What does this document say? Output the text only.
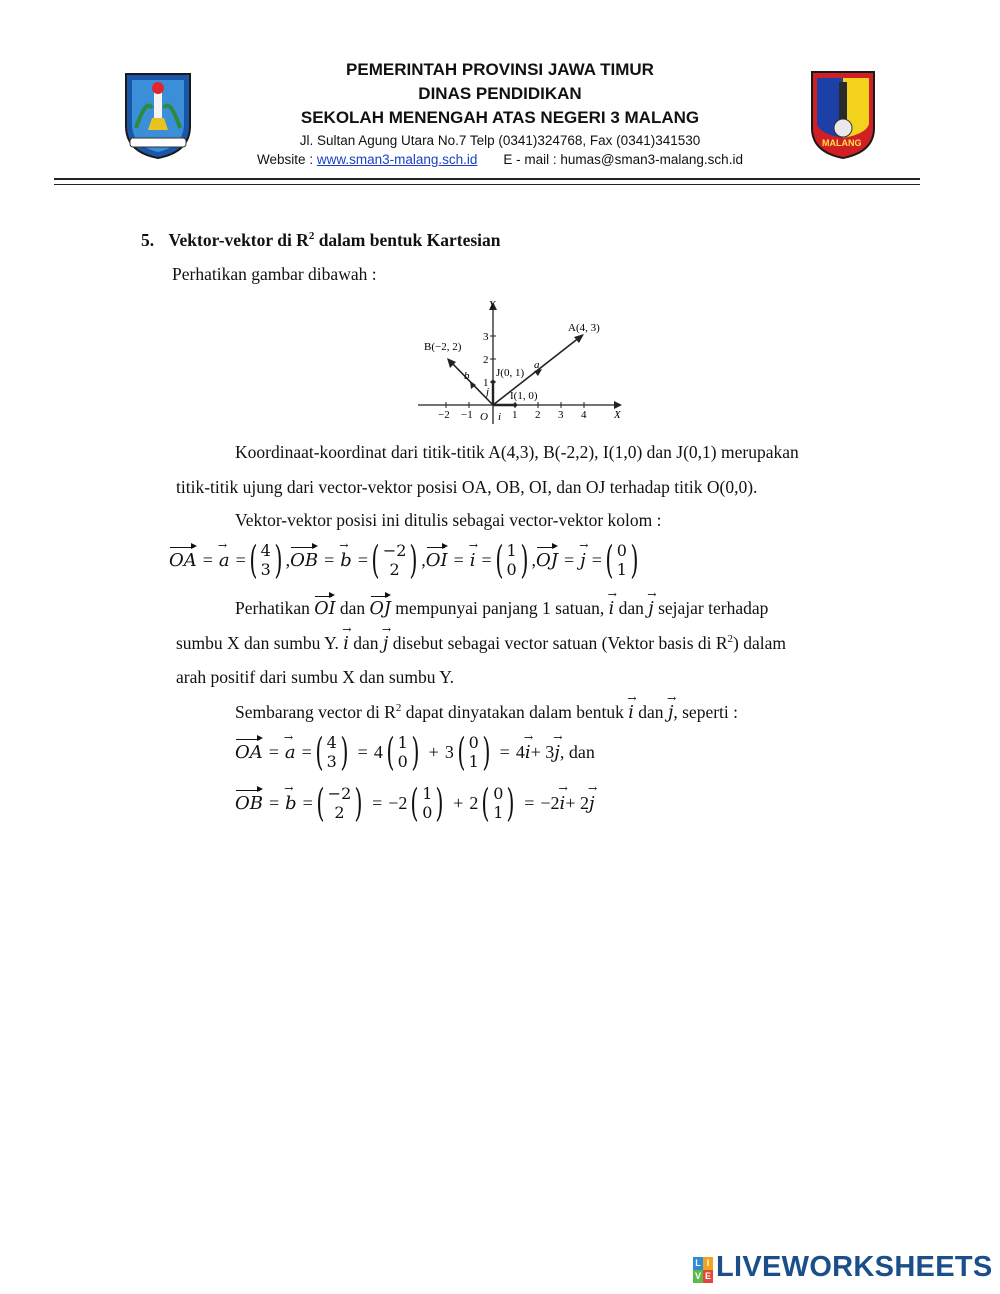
MALANG
PEMERINTAH PROVINSI JAWA TIMUR
DINAS PENDIDIKAN
SEKOLAH MENENGAH ATAS NEGERI 3 MALANG
Jl. Sultan Agung Utara No.7 Telp (0341)324768, Fax (0341)341530
Website : www.sman3-malang.sch.id E - mail : humas@sman3-malang.sch.id
5. Vektor-vektor di $R^2$ dalam bentuk Kartesian
Perhatikan gambar dibawah :
Y
X
O
A(4, 3)
B(−2, 2)
J(0, 1)
I(1, 0)
a
b
i
j
−2 −1	1 2 3 4
1
2
3
Koordinaat-koordinat dari titik-titik A(4,3), B(-2,2), I(1,0) dan J(0,1) merupakan
titik-titik ujung dari vector-vektor posisi OA, OB, OI, dan OJ terhadap titik O(0,0).
Vektor-vektor posisi ini ditulis sebagai vector-vektor kolom :
OA = → a = ( 4
3 ) , OB = → b = ( −2
2 ) , OI = → i = ( 1
0 ) , OJ = → j = ( 0
1 )
Perhatikan OI dan OJ mempunyai panjang 1 satuan, → i dan → j sejajar terhadap
sumbu X dan sumbu Y. → i dan → j disebut sebagai vector satuan (Vektor basis di $R^2$) dalam
arah positif dari sumbu X dan sumbu Y.
Sembarang vector di $R^2$ dapat dinyatakan dalam bentuk → i dan → j, seperti :
OA = → a = ( 4
3 ) = 4 ( 1
0 ) + 3 ( 0
1 ) = 4 → i + 3 → j , dan
OB = → b = ( −2
2 ) = −2 ( 1
0 ) + 2 ( 0
1 ) = −2 → i + 2 → j
L I
V E LIVEWORKSHEETS
